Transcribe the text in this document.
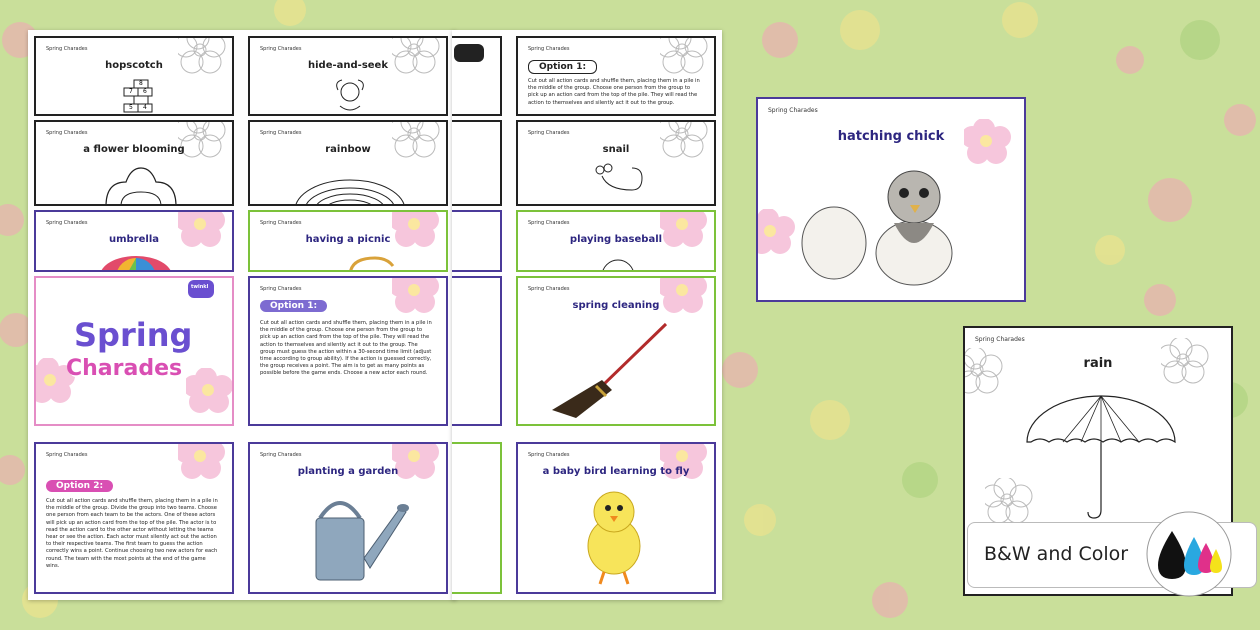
Spring Charades
hopscotch
8
7 6
5 4
Spring Charades
hide-and-seek
Spring Charades
Option 1:
Cut out all action cards and shuffle them, placing them in a pile in the middle of the group. Choose one person from the group to pick up an action card from the top of the pile. They will read the action to themselves and silently act it out to the group.
Spring Charades
a flower blooming
Spring Charades
rainbow
Spring Charades
snail
Spring Charades
umbrella
Spring Charades
having a picnic
Spring Charades
playing baseball
twinkl
Spring
Charades
Spring Charades
Option 1:
Cut out all action cards and shuffle them, placing them in a pile in the middle of the group. Choose one person from the group to pick up an action card from the top of the pile. They will read the action to themselves and silently act it out to the group. The group must guess the action within a 30-second time limit (adjust time according to group ability). If the action is guessed correctly, the group receives a point. The aim is to get as many points as possible before the game ends. Choose a new actor each round.
Spring Charades
spring cleaning
Spring Charades
Option 2:
Cut out all action cards and shuffle them, placing them in a pile in the middle of the group. Divide the group into two teams. Choose one person from each team to be the actors. One of these actors will pick up an action card from the top of the pile. The actor is to read the action card to the other actor without letting the teams hear or see the action. Each actor must silently act out the action to their respective teams. The first team to guess the action correctly wins a point. Continue choosing two new actors for each round. The team with the most points at the end of the game wins.
Spring Charades
planting a garden
Spring Charades
a baby bird learning to fly
Spring Charades
hatching chick
Spring Charades
rain
B&W and Color
